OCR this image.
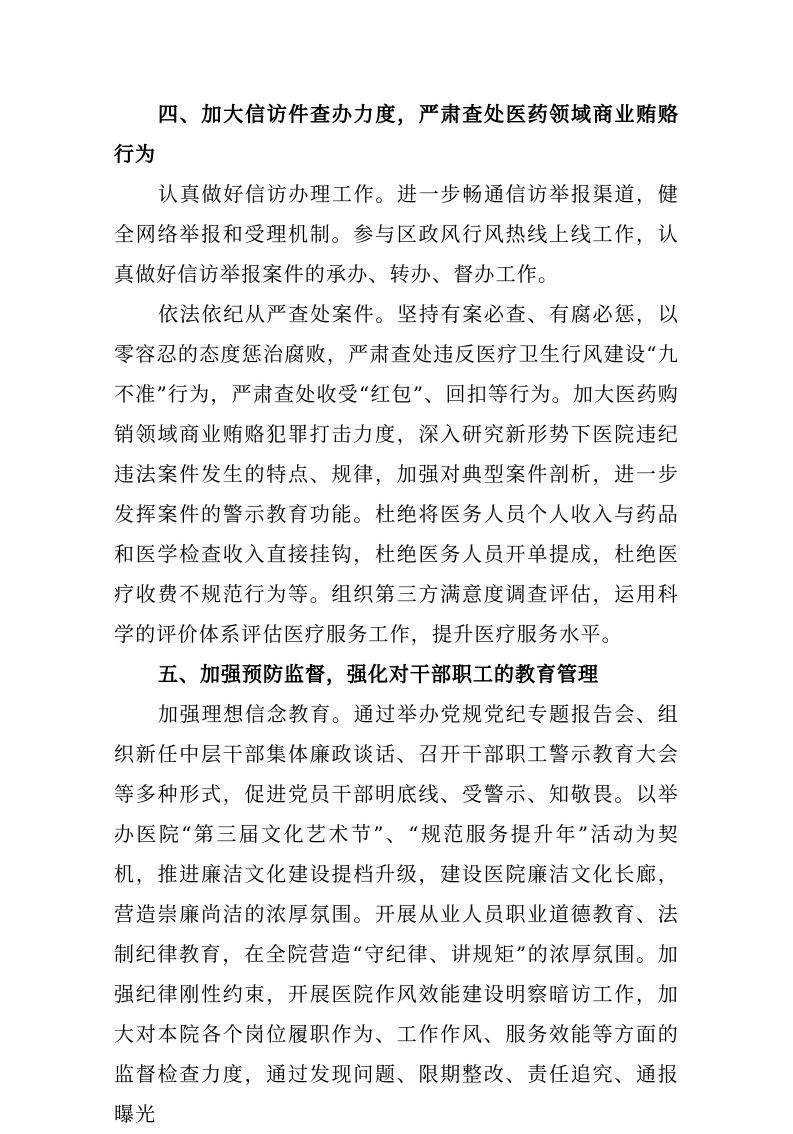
四、加大信访件查办力度，严肃查处医药领域商业贿赂行为

认真做好信访办理工作。进一步畅通信访举报渠道，健全网络举报和受理机制。参与区政风行风热线上线工作，认真做好信访举报案件的承办、转办、督办工作。

依法依纪从严查处案件。坚持有案必查、有腐必惩，以零容忍的态度惩治腐败，严肃查处违反医疗卫生行风建设“九不准”行为，严肃查处收受“红包”、回扣等行为。加大医药购销领域商业贿赂犯罪打击力度，深入研究新形势下医院违纪违法案件发生的特点、规律，加强对典型案件剖析，进一步发挥案件的警示教育功能。杜绝将医务人员个人收入与药品和医学检查收入直接挂钩，杜绝医务人员开单提成，杜绝医疗收费不规范行为等。组织第三方满意度调查评估，运用科学的评价体系评估医疗服务工作，提升医疗服务水平。

五、加强预防监督，强化对干部职工的教育管理

加强理想信念教育。通过举办党规党纪专题报告会、组织新任中层干部集体廉政谈话、召开干部职工警示教育大会等多种形式，促进党员干部明底线、受警示、知敬畏。以举办医院“第三届文化艺术节”、“规范服务提升年”活动为契机，推进廉洁文化建设提档升级，建设医院廉洁文化长廊，营造崇廉尚洁的浓厚氛围。开展从业人员职业道德教育、法制纪律教育，在全院营造“守纪律、讲规矩”的浓厚氛围。加强纪律刚性约束，开展医院作风效能建设明察暗访工作，加大对本院各个岗位履职作为、工作作风、服务效能等方面的监督检查力度，通过发现问题、限期整改、责任追究、通报曝光
